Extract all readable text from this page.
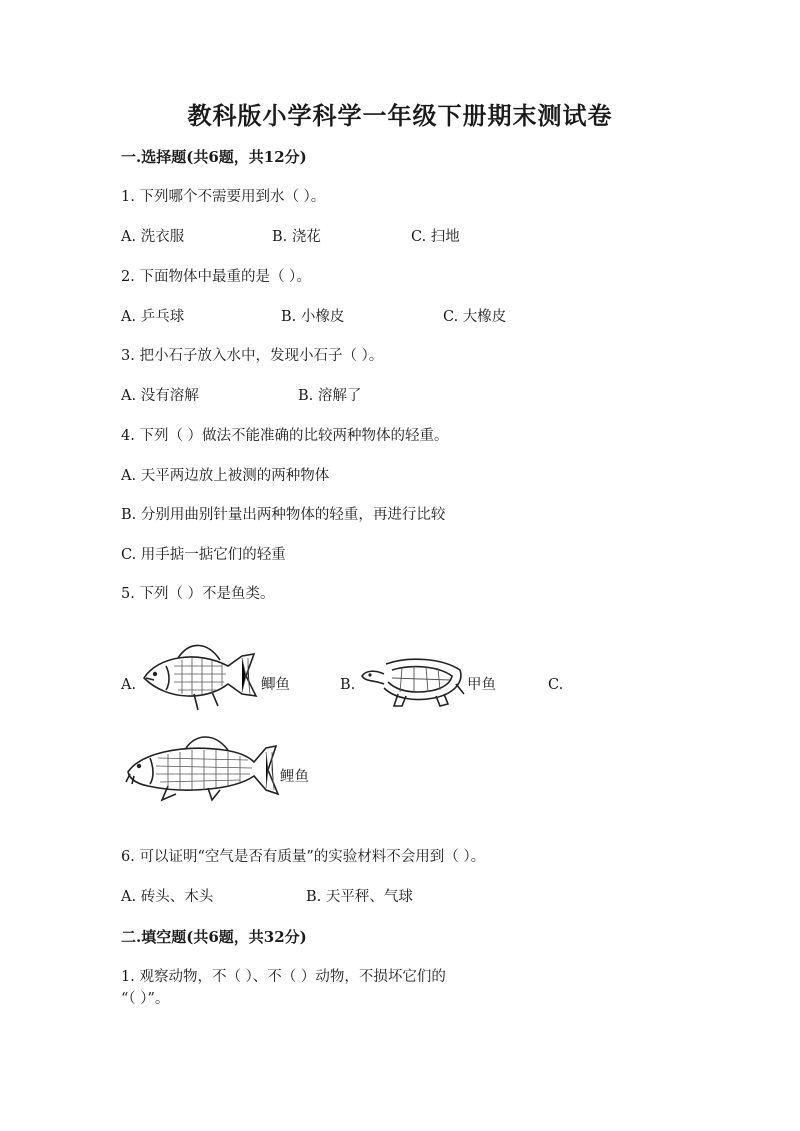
教科版小学科学一年级下册期末测试卷
一.选择题(共6题，共12分)
1. 下列哪个不需要用到水（ ）。
A. 洗衣服	B. 浇花	C. 扫地
2. 下面物体中最重的是（ ）。
A. 乒乓球	B. 小橡皮	C. 大橡皮
3. 把小石子放入水中，发现小石子（ ）。
A. 没有溶解	B. 溶解了
4. 下列（ ）做法不能准确的比较两种物体的轻重。
A. 天平两边放上被测的两种物体
B. 分别用曲别针量出两种物体的轻重，再进行比较
C. 用手掂一掂它们的轻重
5. 下列（ ）不是鱼类。
A.	鲫鱼	B.	甲鱼	C.
鲤鱼
6. 可以证明“空气是否有质量”的实验材料不会用到（ ）。
A. 砖头、木头	B. 天平秤、气球
二.填空题(共6题，共32分)
1. 观察动物，不（ ）、不（ ）动物，不损坏它们的
“（ ）”。
